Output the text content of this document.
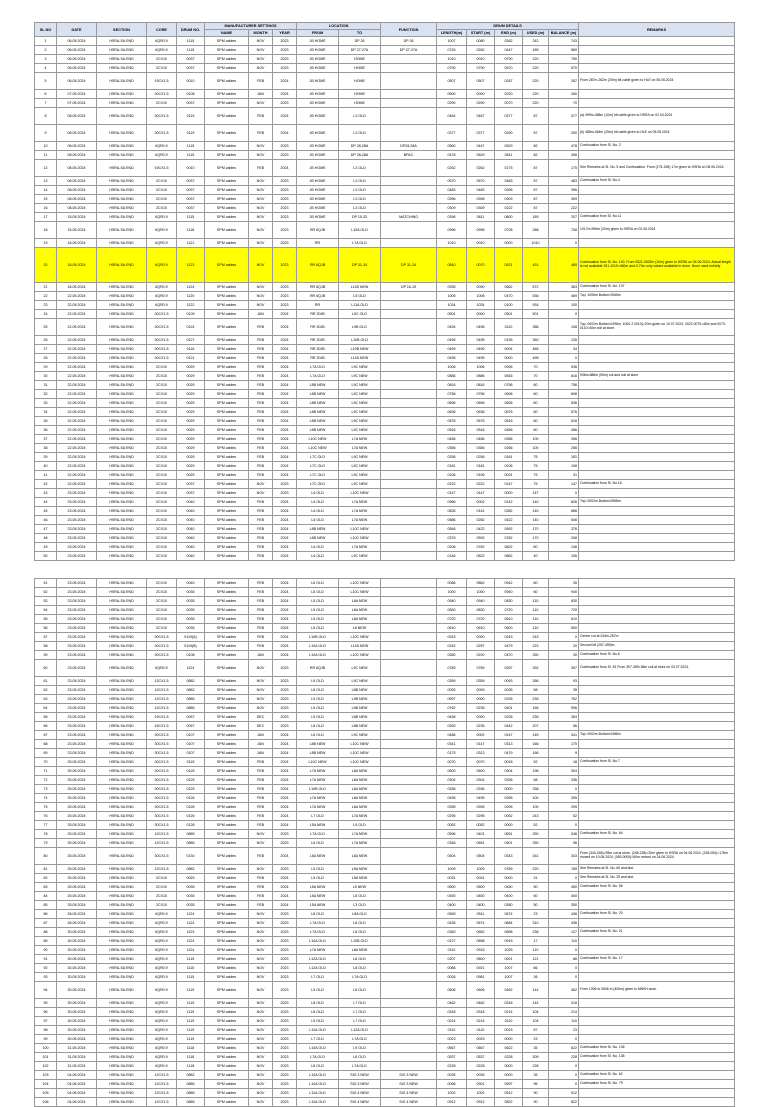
SL.NO	DATE	SECTION	CORE	DRUM NO.	MANUFACTURER SETTINGS			LOCATION		FUNCTION	DRUM DETAILS					REMARKS
					NAME	MONTH	YEAR	FROM	TO		LENGTH(m)	START (m)	END (m)	USED (m)	BALANCE (m)	
1	06.05.2024	HSRA-SA END	6QR0.9	1115	SPM cables	NOV	2023	JB HOME	DP 26	DP 26	1007	0080	0262	242	743	
2	06.05.2024	HSRA-SA END	6QR0.9	1115	SPM cables	NOV	2023	JB HOME	DP 27-27A	DP 27-27A	0745	0262	0447	185	560	
3	06.05.2024	HSRA-SA END	2CX10	0037	SPM cables	NOV	2023	JB HOME	HOME		1010	0010	0790	220	790	
4	06.05.2024	HSRA-SA END	2CX10	0037	SPM cables	NOV	2023	JB HOME	HOME		0790	0790	0570	220	570	
5	06.05.2024	HSRA-SA END	19CX1.5	0010	SPM cables	FEB	2024	JB HOME	HOME		0507	0507	0287	220	287	From 287m-262m (25m) bit cable given to HLE on 06.05.2024
6	07.05.2024	HSRA-SA END	30CX1.5	0108	SPM cables	JAN	2024	JB HOME	HOME		0500	0000	0220	220	280	
7	07.05.2024	HSRA-SA END	2CX10	0037	SPM cables	NOV	2023	JB HOME	HOME		0290	0290	0070	220	70	
8	08.05.2024	HSRA-SA END	30CX1.5	0115	SPM cables	FEB	2024	JB HOME	L3 OLD		0464	0467	0377	87	377	(a) 499m-488m (10m) bit cable given to HSRA on 02.04.2024
9	08.05.2024	HSRA-SA END	30CX1.5	0115	SPM cables	FEB	2024	JB HOME	L3 OLD		0377	0377	0290	87	290	(b) 488m-464m (25m) bit cable given to HLE on 05.05.2024
10	08.05.2024	HSRA-SA END	6QR0.9	1115	SPM cables	NOV	2023	JB HOME	DP 28-28A	DP28-28A	0560	0447	0529	82	478	Continuation from Sl. No. 2
11	08.05.2024	HSRA-SA END	6QR0.9	1115	SPM cables	NOV	2023	JB HOME	DP 28-28A	BPAC	0478	0529	0611	82	396	
12	08.05.2024	HSRA-SA END	19CX1.5	0010	SPM cables	FEB	2024	JB HOME	L3 OLD		0262	0262	0175	87	175	See Remarks at Sl. No. 5 and Continuation. From (175-158) 17m given to HSRA on 08.06.2024.
13	08.05.2024	HSRA-SA END	2CX10	0037	SPM cables	NOV	2023	JB HOME	L3 OLD		0570	0570	0483	87	483	Continuation from Sl. No.4
14	08.05.2024	HSRA-SA END	2CX10	0037	SPM cables	NOV	2023	JB HOME	L3 OLD		0483	0483	0396	87	396	
15	08.05.2024	HSRA-SA END	2CX10	0037	SPM cables	NOV	2023	JB HOME	L3 OLD		0396	0396	0309	87	309	
16	08.05.2024	HSRA-SA END	2CX10	0037	SPM cables	NOV	2023	JB HOME	L3 OLD		0309	0309	0222	87	222	
17	15.05.2024	HSRA-SA END	6QR0.9	1115	SPM cables	NOV	2023	JB HOME	DP 10-32	MATCHING	0396	0611	0800	189	207	Continuation from Sl. No.11
18	15.05.2024	HSRA-SA END	6QR0.9	1118	SPM cables	NOV	2023	RR 6QJB	L10A OLD		0996	0996	0708	288	708	1017m-996m (20m) given to HSRA on 02.06.2024
19	16.05.2024	HSRA-SA END	6QR0.9	1121	SPM cables	NOV	2023	RR	L7A OLD		1010	0010	0000	1010	0	
20	16.05.2024	HSRA-SA END	6QR0.9	1123	SPM cables	NOV	2023	RR 6QJB	DP 31-34	DP 31-34	0840	0070	0521	451	489	Continuation from Sl. No. 140. From 0521-0532m (10m) given to HSRA on 04.06.2024. Actual length is not available 151-1010=460m and 0-70m only values available in drum. Drum used entirely.
21	16.05.2024	HSRA-SA END	6QR0.9	1124	SPM cables	NOV	2023	RR 6QJB	L11B NEW	DP 16-19	0935	0090	0662	572	363	Continuation from Sl. No. 137
22	22.05.2024	HSRA-SA END	6QR0.9	1120	SPM cables	NOV	2023	RR 6QJB	L5 OLD		1005	1006	0470	536	469	Top: 1006m Bottom 0065m
23	22.05.2024	HSRA-SA END	6QR0.9	1122	SPM cables	NOV	2023	RR	L11A OLD		1034	1034	0100	934	100	
24	22.05.2024	HSRA-SA END	30CX1.5	0109	SPM cables	JAN	2024	RR 30JB	L9C OLD		0501	0000	0501	501	0	
25	22.05.2024	HSRA-SA END	30CX1.5	0124	SPM cables	FEB	2024	RR 30JB	L9B OLD		0494	0496	0110	386	108	Top: 0002m Bottom:0496m. 1000-2 0010)=20m given on 10.07.2024. 0022-0070=48m and 0070-0110=40m coil at store.
26	22.05.2024	HSRA-SA END	30CX1.5	0127	SPM cables	FEB	2024	RR 30JB	L10B OLD		0495	0495	0135	360	135	
27	22.05.2024	HSRA-SA END	30CX1.5	0116	SPM cables	FEB	2024	RR 30JB	L10B NEW		0499	0499	0004	465	34	
28	22.05.2024	HSRA-SA END	30CX1.5	0121	SPM cables	FEB	2024	RR 30JB	L11B NEW		0495	0495	0000	495	0	
29	22.05.2024	HSRA-SA END	2CX10	0029	SPM cables	FEB	2024	L7A OLD	L9C NEW		1006	1006	0936	70	936	
30	22.05.2024	HSRA-SA END	2CX10	0029	SPM cables	FEB	2024	L7A OLD	L9C NEW		0886	0886	0816	70	816	936m-886m (50m) cut and coil at store
31	22.05.2024	HSRA-SA END	2CX10	0029	SPM cables	FEB	2024	L8B NEW	L9C NEW		0816	0816	0756	60	756	
32	22.05.2024	HSRA-SA END	2CX10	0029	SPM cables	FEB	2024	L8B NEW	L9C NEW		0756	0756	0696	60	696	
33	22.05.2024	HSRA-SA END	2CX10	0029	SPM cables	FEB	2024	L8B NEW	L9C NEW		0696	0696	0636	60	636	
34	22.05.2024	HSRA-SA END	2CX10	0029	SPM cables	FEB	2024	L8B NEW	L9C NEW		0636	0636	0576	60	576	
35	22.05.2024	HSRA-SA END	2CX10	0029	SPM cables	FEB	2024	L8B NEW	L9C NEW		0576	0576	0516	60	516	
36	22.05.2024	HSRA-SA END	2CX10	0029	SPM cables	FEB	2024	L8B NEW	L9C NEW		0516	0516	0456	60	456	
37	22.05.2024	HSRA-SA END	2CX10	0029	SPM cables	FEB	2024	L10C NEW	L7A NEW		0456	0456	0356	100	356	
38	22.05.2024	HSRA-SA END	2CX10	0029	SPM cables	FEB	2024	L10C NEW	L7A NEW		0356	0356	0256	100	256	
39	22.05.2024	HSRA-SA END	2CX10	0029	SPM cables	FEB	2024	L7C OLD	L9C NEW		0256	0256	0181	75	181	
40	22.05.2024	HSRA-SA END	2CX10	0029	SPM cables	FEB	2024	L7C OLD	L9C NEW		0181	0181	0106	75	106	
41	22.05.2024	HSRA-SA END	2CX10	0029	SPM cables	FEB	2024	L7C OLD	L9C NEW		0106	0106	0031	75	31	
42	22.05.2024	HSRA-SA END	2CX10	0037	SPM cables	NOV	2023	L7C OLD	L9C NEW		0222	0222	0147	75	147	Continuation from Sl. No.16
43	23.05.2024	HSRA-SA END	2CX10	0037	SPM cables	NOV	2023	L6 OLD	L10C NEW		0147	0147	0000	147	0	
44	23.05.2024	HSRA-SA END	2CX10	0040	SPM cables	FEB	2024	L6 OLD	L7A NEW		0966	0002	0142	140	826	Top: 0002m Bottom:0968m
45	23.05.2024	HSRA-SA END	2CX10	0040	SPM cables	FEB	2024	L6 OLD	L7A NEW		0826	0142	0282	140	686	
46	23.05.2024	HSRA-SA END	2CX10	0040	SPM cables	FEB	2024	L6 OLD	L7A NEW		0686	0282	0422	140	546	
47	23.05.2024	HSRA-SA END	2CX10	0040	SPM cables	FEB	2024	L8B NEW	L10C NEW		0546	0422	0592	170	376	
48	23.05.2024	HSRA-SA END	2CX10	0040	SPM cables	FEB	2024	L8B NEW	L10C NEW		0376	0592	0762	170	206	
49	23.05.2024	HSRA-SA END	2CX10	0040	SPM cables	FEB	2024	L6 OLD	L7A NEW		0206	0762	0822	60	146	
50	23.05.2024	HSRA-SA END	2CX10	0040	SPM cables	FEB	2024	L6 OLD	L9C NEW		0146	0822	0862	40	106	
51	23.05.2024	HSRA-SA END	2CX10	0040	SPM cables	FEB	2024	L6 OLD	L10C NEW		0086	0862	0942	60	26	
52	23.05.2024	HSRA-SA END	2CX10	0035	SPM cables	FEB	2024	L6 OLD	L10C NEW		1000	1000	0940	60	940	
53	23.05.2024	HSRA-SA END	2CX10	0035	SPM cables	FEB	2024	L5 OLD	L6A NEW		0940	0940	0830	110	830	
54	23.05.2024	HSRA-SA END	2CX10	0035	SPM cables	FEB	2024	L5 OLD	L6A NEW		0830	0830	0720	110	720	
55	23.05.2024	HSRA-SA END	2CX10	0035	SPM cables	FEB	2024	L5 OLD	L6A NEW		0720	0720	0610	110	610	
56	23.05.2024	HSRA-SA END	2CX10	0035	SPM cables	FEB	2024	L5 OLD	L6 NEW		0610	0610	0500	110	500	
57	23.05.2024	HSRA-SA END	30CX1.5	0119(A)	SPM cables	FEB	2024	L10B OLD	L10C NEW		0243	0000	0243	243	0	Centre cut at 243m-257m
58	23.05.2024	HSRA-SA END	30CX1.5	0119(B)	SPM cables	FEB	2024	L10A OLD	L11B NEW		0242	0257	0479	222	20	Second bit (257-499)m
59	23.05.2024	HSRA-SA END	30CX1.5	0108	SPM cables	JAN	2024	L10A OLD	L10C NEW		0280	0220	0470	250	30	Continuation from Sl. No.6
60	23.05.2024	HSRA-SA END	6QR0.9	1124	SPM cables	NOV	2023	RR 6QJB	L9C NEW		0789	0789	0397	392	397	Continuation from Sl. 81 From 397-359=38m coil at store on 03.07.2024.
61	23.05.2024	HSRA-SA END	12CX1.5	0882	SPM cables	NOV	2023	L9 OLD	L9C NEW		0359	0359	0093	266	93	
62	23.05.2024	HSRA-SA END	12CX1.5	0882	SPM cables	NOV	2023	L8 OLD	L8B NEW		0093	0093	0035	58	35	
63	23.05.2024	HSRA-SA END	12CX1.5	0885	SPM cables	NOV	2023	L9 OLD	L9B NEW		0997	0000	0235	235	762	
64	23.05.2024	HSRA-SA END	12CX1.5	0885	SPM cables	NOV	2023	L9 OLD	L9B NEW		0762	0235	0401	166	596	
65	23.05.2024	HSRA-SA END	19CX1.5	0057	SPM cables	DEC	2023	L9 OLD	L8B NEW		0498	0000	0235	235	263	
66	23.05.2024	HSRA-SA END	19CX1.5	0057	SPM cables	DEC	2023	L8 OLD	L8B NEW		0263	0235	0442	207	56	
67	23.05.2024	HSRA-SA END	30CX1.5	0107	SPM cables	JAN	2024	L8 OLD	L9C NEW		0486	0002	0147	145	341	Top: 0002m Bottom:0488m
68	23.05.2024	HSRA-SA END	30CX1.5	0107	SPM cables	JAN	2024	L8B NEW	L10C NEW		0341	0147	0313	166	175	
69	23.05.2024	HSRA-SA END	30CX1.5	0107	SPM cables	JAN	2024	L8B NEW	L10C NEW		0175	0313	0479	166	9	
70	25.05.2024	HSRA-SA END	30CX1.5	0115	SPM cables	FEB	2024	L10C NEW	L10C NEW		0070	0070	0018	52	18	Continuation from Sl. No.7
71	25.05.2024	HSRA-SA END	30CX1.5	0125	SPM cables	FEB	2024	L7A NEW	L6A NEW		0500	0500	0304	196	304	
72	25.05.2024	HSRA-SA END	30CX1.5	0125	SPM cables	FEB	2024	L7A NEW	L6A NEW		0304	0304	0336	58	336	
73	25.05.2024	HSRA-SA END	30CX1.5	0125	SPM cables	FEB	2024	L10B OLD	L6A NEW		0336	0336	0000	336	0	
74	25.05.2024	HSRA-SA END	30CX1.5	0126	SPM cables	FEB	2024	L7A NEW	L6A NEW		0495	0495	0395	100	395	
75	25.05.2024	HSRA-SA END	30CX1.5	0126	SPM cables	FEB	2024	L7A NEW	L6A NEW		0395	0395	0295	100	295	
76	25.05.2024	HSRA-SA END	30CX1.5	0126	SPM cables	FEB	2024	L7 OLD	L7A NEW		0295	0295	0052	243	52	
77	25.05.2024	HSRA-SA END	30CX1.5	0126	SPM cables	FEB	2024	L5A NEW	L5 OLD		0052	0052	0000	52	0	
78	25.05.2024	HSRA-SA END	12CX1.5	0885	SPM cables	NOV	2023	L7A OLD	L7A NEW		0596	0401	0651	250	346	Continuation from Sl. No. 64
79	25.05.2024	HSRA-SA END	12CX1.5	0885	SPM cables	NOV	2023	L6 OLD	L7A NEW		0346	0651	0901	250	96	
80	25.05.2024	HSRA-SA END	30CX1.5	0130	SPM cables	FEB	2024	L5A NEW	L6A NEW		0504	0504	0343	161	343	From (343-248)=95m cut at store. (248-228)=20m given to HSRA on 04.06.2024. (228-050)=178m moved on 10.06.2024. (050-0000)=50m moved on 24.06.2024.
81	25.05.2024	HSRA-SA END	12CX1.5	0882	SPM cables	NOV	2023	L5 OLD	L5A NEW		1009	1009	0789	220	789	See Remarks at Sl. No. 60 and last.
82	25.05.2024	HSRA-SA END	2CX10	0029	SPM cables	FEB	2024	L5 OLD	L5A NEW		0031	0031	0000	31	0	See Remarks at Sl. No. 29 and last.
83	25.05.2024	HSRA-SA END	2CX10	0035	SPM cables	FEB	2024	L5A NEW	L5 NEW		0500	0500	0450	50	450	Continuation from Sl. No. 56
84	25.05.2024	HSRA-SA END	2CX10	0035	SPM cables	FEB	2024	L5A NEW	L5 OLD		0450	0450	0400	50	400	
85	25.05.2024	HSRA-SA END	2CX10	0035	SPM cables	FEB	2024	L5A NEW	L3 OLD		0400	0400	0350	50	350	
86	28.05.2024	HSRA-SA END	6QR0.9	1124	SPM cables	NOV	2023	L8 OLD	L8A OLD		0659	0511	0574	23	436	Continuation from Sl. No. 20
87	28.05.2024	HSRA-SA END	6QR0.9	1124	SPM cables	NOV	2023	L7A OLD	L8 OLD		0436	0574	0884	310	436	
88	30.05.2024	HSRA-SA END	6QR0.9	1123	SPM cables	NOV	2023	L7A OLD	L8 OLD		0363	0662	0898	236	127	Continuation from Sl. No. 21
89	30.05.2024	HSRA-SA END	6QR0.9	1124	SPM cables	NOV	2023	L10A OLD	L10B OLD		0127	0898	0915	17	110	
90	30.05.2024	HSRA-SA END	6QR0.9	1124	SPM cables	NOV	2023	L7A NEW	L6A NEW		0110	0915	1025	110	0	
91	30.05.2024	HSRA-SA END	6QR0.9	1115	SPM cables	NOV	2023	L12A OLD	L8 OLD		0207	0800	0921	121	86	Continuation from Sl. No. 17
92	30.05.2024	HSRA-SA END	6QR0.9	1115	SPM cables	NOV	2023	L12A OLD	L8 OLD		0086	0921	1007	86	0	
93	30.05.2024	HSRA-SA END	6QR0.9	1115	SPM cables	NOV	2023	L7 OLD	L7A OLD		0026	0981	1007	26	0	
94	30.05.2024	HSRA-SA END	6QR0.9	1119	SPM cables	NOV	2023	L9 OLD	L6 OLD		0606	0606	0462	144	462	From 1006 to 0606 m (400m) given to MNKH work.
95	30.05.2024	HSRA-SA END	6QR0.9	1119	SPM cables	NOV	2023	L8 OLD	L7 OLD		0462	0462	0318	144	318	
96	30.05.2024	HSRA-SA END	6QR0.9	1119	SPM cables	NOV	2023	L8 OLD	L7 OLD		0318	0318	0214	104	214	
97	30.05.2024	HSRA-SA END	6QR0.9	1119	SPM cables	NOV	2023	L9 OLD	L7 OLD		0214	0214	0110	104	110	
98	30.05.2024	HSRA-SA END	6QR0.9	1119	SPM cables	NOV	2023	L11A OLD	L12A OLD		0110	0110	0023	87	23	
99	30.05.2024	HSRA-SA END	6QR0.9	1119	SPM cables	NOV	2023	L7 OLD	L7A OLD		0023	0023	0000	23	0	
100	31.05.2024	HSRA-SA END	6QR0.9	1118	SPM cables	NOV	2023	L10A OLD	L9 OLD		0667	0667	0622	35	622	Continuation from Sl. No. 136
101	31.05.2024	HSRA-SA END	6QR0.9	1118	SPM cables	NOV	2023	L7A OLD	L8 OLD		0537	0537	0228	309	228	Continuation from Sl. No. 138
102	31.05.2024	HSRA-SA END	6QR0.9	1118	SPM cables	NOV	2023	L8 OLD	L7A OLD		0228	0228	0000	228	0	
103	04.06.2024	HSRA-SA END	12CX1.5	0882	SPM cables	NOV	2023	L10A OLD	SIG 3 NEW	SIG 3 NEW	0035	0035	0000	35	0	Continuation from Sl. No. 62
104	04.06.2024	HSRA-SA END	12CX1.5	0885	SPM cables	NOV	2023	L10A OLD	SIG 3 NEW	SIG 3 NEW	0096	0901	0997	96	0	Continuation from Sl. No. 79
105	04.06.2024	HSRA-SA END	12CX1.5	0885	SPM cables	NOV	2023	L11A OLD	SIG 4 NEW	SIG 4 NEW	1002	1002	0912	90	912	
106	04.06.2024	HSRA-SA END	12CX1.5	0885	SPM cables	NOV	2023	L11A OLD	SIG 4 NEW	SIG 4 NEW	0912	0912	0822	90	822	
